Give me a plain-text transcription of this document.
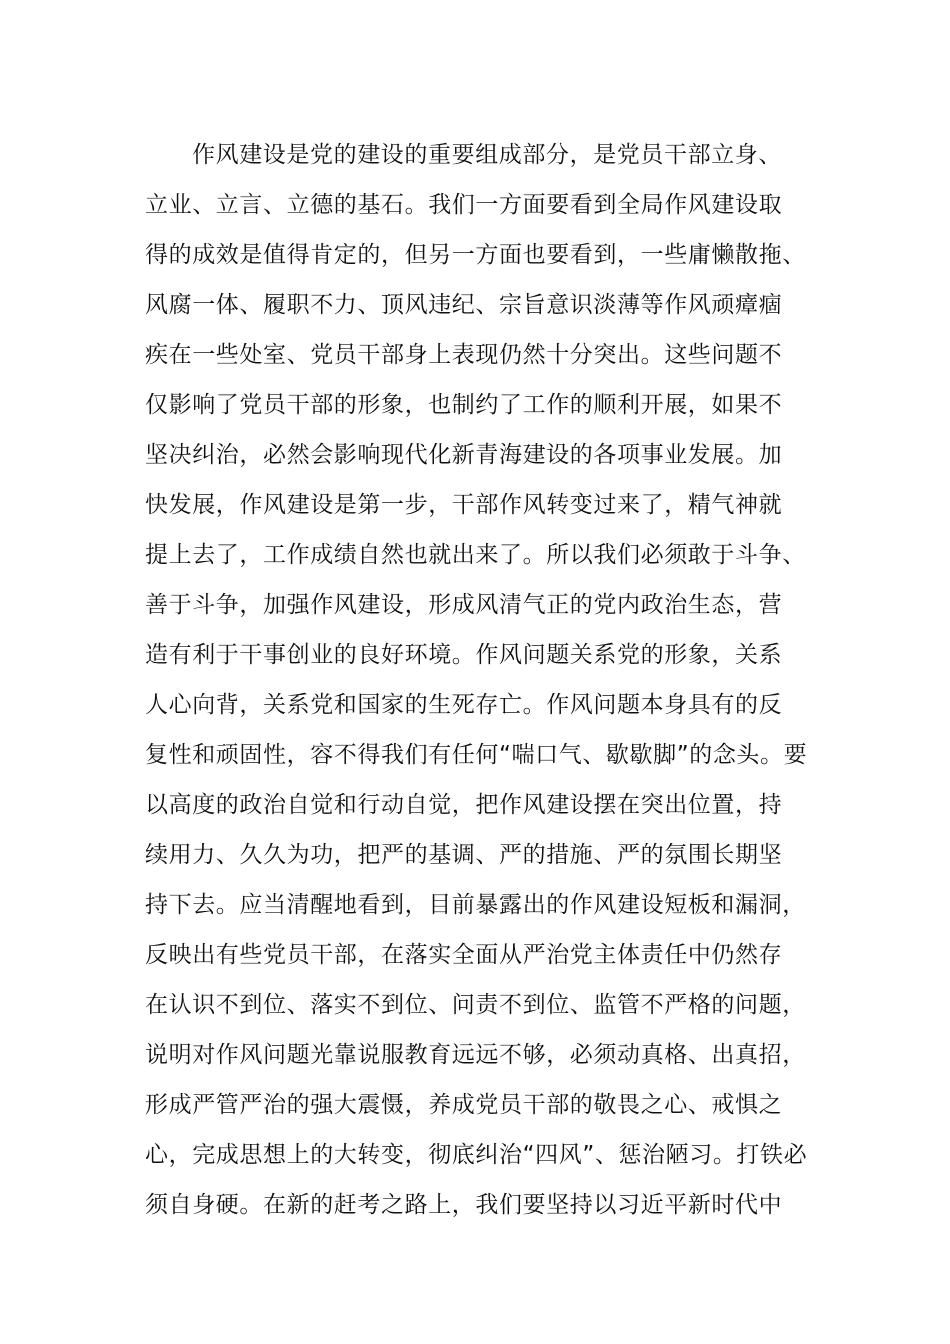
作风建设是党的建设的重要组成部分，是党员干部立身、
立业、立言、立德的基石。我们一方面要看到全局作风建设取
得的成效是值得肯定的，但另一方面也要看到，一些庸懒散拖、
风腐一体、履职不力、顶风违纪、宗旨意识淡薄等作风顽瘴痼
疾在一些处室、党员干部身上表现仍然十分突出。这些问题不
仅影响了党员干部的形象，也制约了工作的顺利开展，如果不
坚决纠治，必然会影响现代化新青海建设的各项事业发展。加
快发展，作风建设是第一步，干部作风转变过来了，精气神就
提上去了，工作成绩自然也就出来了。所以我们必须敢于斗争、
善于斗争，加强作风建设，形成风清气正的党内政治生态，营
造有利于干事创业的良好环境。作风问题关系党的形象，关系
人心向背，关系党和国家的生死存亡。作风问题本身具有的反
复性和顽固性，容不得我们有任何“喘口气、歇歇脚”的念头。要
以高度的政治自觉和行动自觉，把作风建设摆在突出位置，持
续用力、久久为功，把严的基调、严的措施、严的氛围长期坚
持下去。应当清醒地看到，目前暴露出的作风建设短板和漏洞，
反映出有些党员干部，在落实全面从严治党主体责任中仍然存
在认识不到位、落实不到位、问责不到位、监管不严格的问题，
说明对作风问题光靠说服教育远远不够，必须动真格、出真招，
形成严管严治的强大震慑，养成党员干部的敬畏之心、戒惧之
心，完成思想上的大转变，彻底纠治“四风”、惩治陋习。打铁必
须自身硬。在新的赶考之路上，我们要坚持以习近平新时代中
